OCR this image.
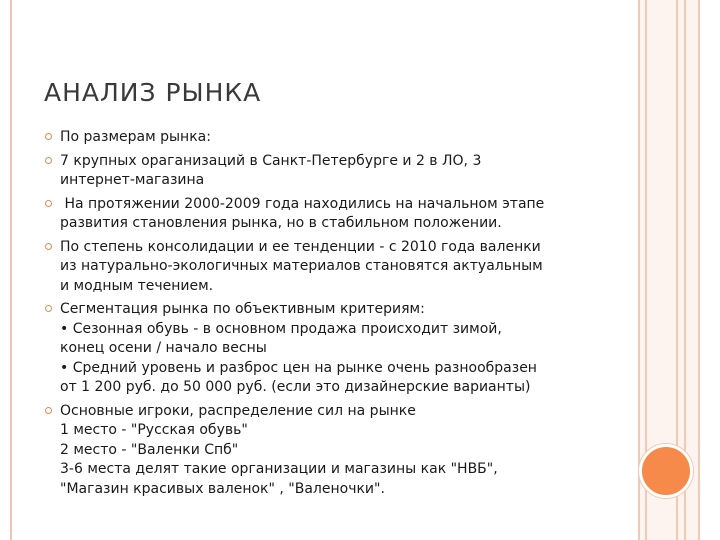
АНАЛИЗ РЫНКА
По размерам рынка:
7 крупных ораганизаций в Санкт-Петербурге и 2 в ЛО, 3
интернет-магазина
На протяжении 2000-2009 года находились на начальном этапе
развития становления рынка, но в стабильном положении.
По степень консолидации и ее тенденции - с 2010 года валенки
из натурально-экологичных материалов становятся актуальным
и модным течением.
Сегментация рынка по объективным критериям:
• Сезонная обувь - в основном продажа происходит зимой,
конец осени / начало весны
• Средний уровень и разброс цен на рынке очень разнообразен
от 1 200 руб. до 50 000 руб. (если это дизайнерские варианты)
Основные игроки, распределение сил на рынке
1 место - "Русская обувь"
2 место - "Валенки Спб"
3-6 места делят такие организации и магазины как "НВБ",
"Магазин красивых валенок" , "Валеночки".
